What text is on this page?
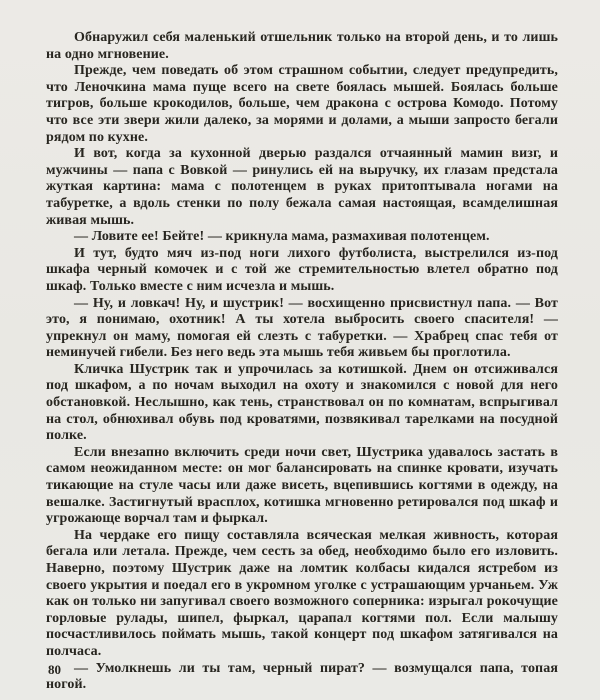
Обнаружил себя маленький отшельник только на второй день, и то лишь на одно мгновение.

Прежде, чем поведать об этом страшном событии, следует предупредить, что Леночкина мама пуще всего на свете боялась мышей. Боялась больше тигров, больше крокодилов, больше, чем дракона с острова Комодо. Потому что все эти звери жили далеко, за морями и долами, а мыши запросто бегали рядом по кухне.

И вот, когда за кухонной дверью раздался отчаянный мамин визг, и мужчины — папа с Вовкой — ринулись ей на выручку, их глазам предстала жуткая картина: мама с полотенцем в руках притоптывала ногами на табуретке, а вдоль стенки по полу бежала самая настоящая, всамделишная живая мышь.

— Ловите ее! Бейте! — крикнула мама, размахивая полотенцем.

И тут, будто мяч из-под ноги лихого футболиста, выстрелился из-под шкафа черный комочек и с той же стремительностью влетел обратно под шкаф. Только вместе с ним исчезла и мышь.

— Ну, и ловкач! Ну, и шустрик! — восхищенно присвистнул папа. — Вот это, я понимаю, охотник! А ты хотела выбросить своего спасителя! — упрекнул он маму, помогая ей слезть с табуретки. — Храбрец спас тебя от неминучей гибели. Без него ведь эта мышь тебя живьем бы проглотила.

Кличка Шустрик так и упрочилась за котишкой. Днем он отсиживался под шкафом, а по ночам выходил на охоту и знакомился с новой для него обстановкой. Неслышно, как тень, странствовал он по комнатам, вспрыгивал на стол, обнюхивал обувь под кроватями, позвякивал тарелками на посудной полке.

Если внезапно включить среди ночи свет, Шустрика удавалось застать в самом неожиданном месте: он мог балансировать на спинке кровати, изучать тикающие на стуле часы или даже висеть, вцепившись когтями в одежду, на вешалке. Застигнутый врасплох, котишка мгновенно ретировался под шкаф и угрожающе ворчал там и фыркал.

На чердаке его пищу составляла всяческая мелкая живность, которая бегала или летала. Прежде, чем сесть за обед, необходимо было его изловить. Наверно, поэтому Шустрик даже на ломтик колбасы кидался ястребом из своего укрытия и поедал его в укромном уголке с устрашающим урчаньем. Уж как он только ни запугивал своего возможного соперника: изрыгал рокочущие горловые рулады, шипел, фыркал, царапал когтями пол. Если малышу посчастливилось поймать мышь, такой концерт под шкафом затягивался на полчаса.

— Умолкнешь ли ты там, черный пират? — возмущался папа, топая ногой.

80
